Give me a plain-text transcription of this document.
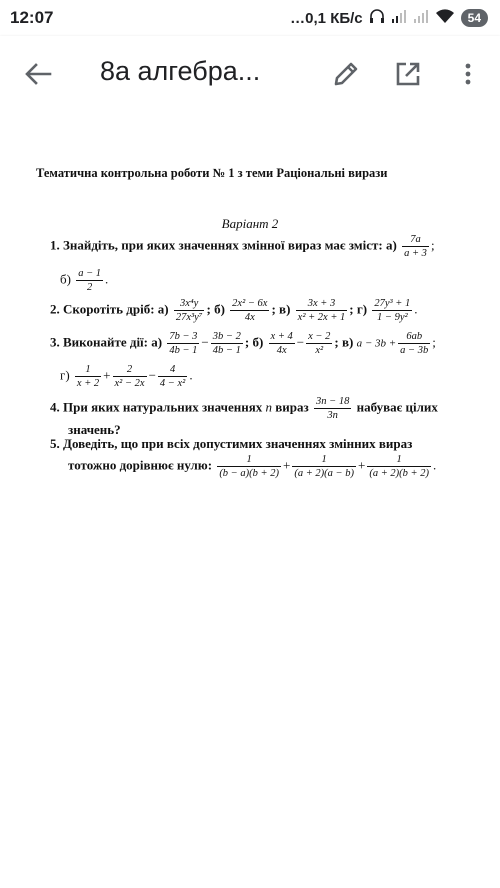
12:07	…0,1 КБ/с	54
8а алгебра...
Тематична контрольна роботи № 1 з теми Раціональні вирази
Варіант 2
1. Знайдіть, при яких значеннях змінної вираз має зміст: $а) \frac{7a}{a + 3}$ ;
$б) \frac{a - 1}{2}$ .
2. Скоротіть дріб: $а) \frac{\text{3x⁴y}}{\text{27x³y⁷}}$ ; $б) \frac{\text{2x² − 6x}}{4x}$ ; $в) \frac{3x + 3}{\text{x² + 2x + 1}}$ ; $г) \frac{\text{27y³ + 1}}{\text{1 − 9y²}}$ .
3. Виконайте дії: $а) \frac{7b - 3}{4b - 1} - \frac{3b - 2}{4b - 1}$ ; $б) \frac{x + 4}{4x} - \frac{x - 2}{\text{x²}}$ ; в) $a - 3b + \frac{6ab}{a - 3b}$ ;
$г) \frac{1}{x + 2} + \frac{2}{\text{x² − 2x}} - \frac{4}{\text{4 − x²}}$ .
4. При яких натуральних значеннях n вираз $\frac{3n - 18}{3n}$ набуває цілих
значень?
5. Доведіть, що при всіх допустимих значеннях змінних вираз
тотожно дорівнює нулю: $\frac{1}{(b - a)(b + 2)} + \frac{1}{(a + 2)(a - b)} + \frac{1}{(a + 2)(b + 2)}$ .
